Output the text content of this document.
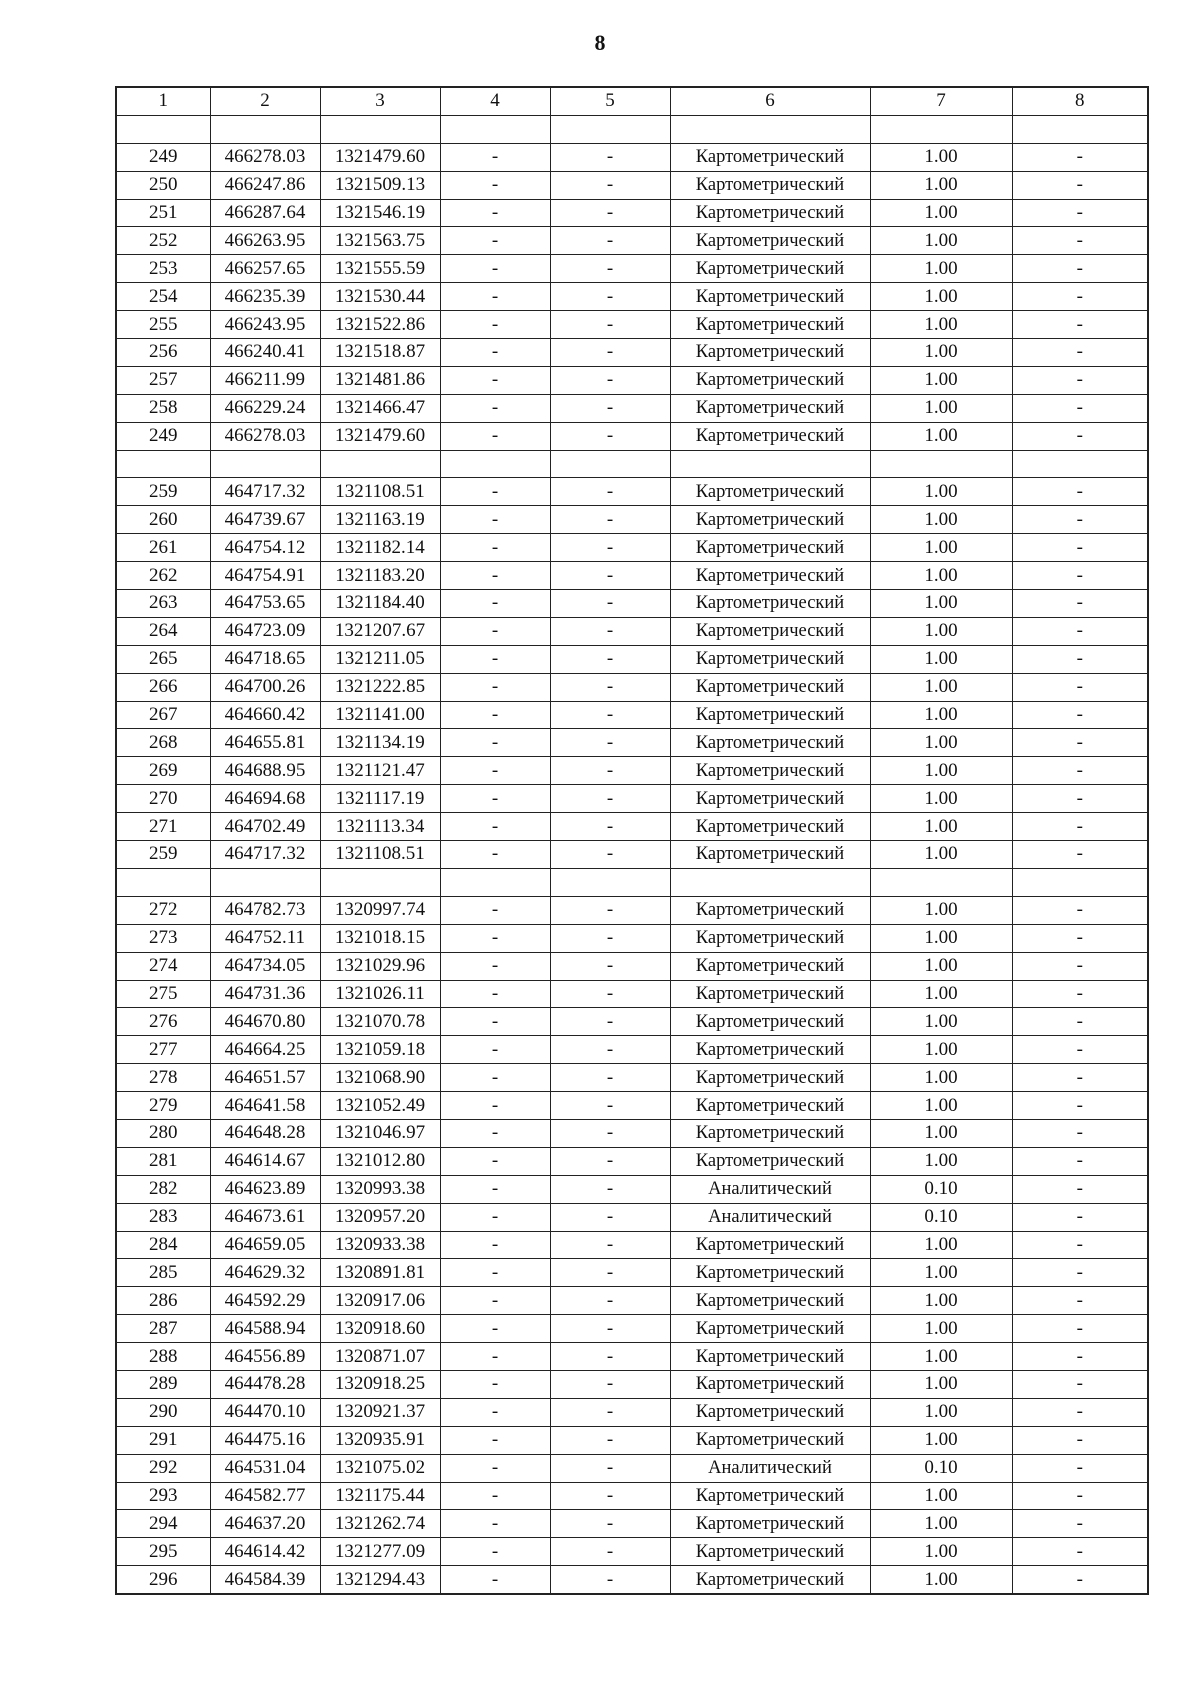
8
1	2	3	4	5	6	7	8

249	466278.03	1321479.60	-	-	Картометрический	1.00	-
250	466247.86	1321509.13	-	-	Картометрический	1.00	-
251	466287.64	1321546.19	-	-	Картометрический	1.00	-
252	466263.95	1321563.75	-	-	Картометрический	1.00	-
253	466257.65	1321555.59	-	-	Картометрический	1.00	-
254	466235.39	1321530.44	-	-	Картометрический	1.00	-
255	466243.95	1321522.86	-	-	Картометрический	1.00	-
256	466240.41	1321518.87	-	-	Картометрический	1.00	-
257	466211.99	1321481.86	-	-	Картометрический	1.00	-
258	466229.24	1321466.47	-	-	Картометрический	1.00	-
249	466278.03	1321479.60	-	-	Картометрический	1.00	-

259	464717.32	1321108.51	-	-	Картометрический	1.00	-
260	464739.67	1321163.19	-	-	Картометрический	1.00	-
261	464754.12	1321182.14	-	-	Картометрический	1.00	-
262	464754.91	1321183.20	-	-	Картометрический	1.00	-
263	464753.65	1321184.40	-	-	Картометрический	1.00	-
264	464723.09	1321207.67	-	-	Картометрический	1.00	-
265	464718.65	1321211.05	-	-	Картометрический	1.00	-
266	464700.26	1321222.85	-	-	Картометрический	1.00	-
267	464660.42	1321141.00	-	-	Картометрический	1.00	-
268	464655.81	1321134.19	-	-	Картометрический	1.00	-
269	464688.95	1321121.47	-	-	Картометрический	1.00	-
270	464694.68	1321117.19	-	-	Картометрический	1.00	-
271	464702.49	1321113.34	-	-	Картометрический	1.00	-
259	464717.32	1321108.51	-	-	Картометрический	1.00	-

272	464782.73	1320997.74	-	-	Картометрический	1.00	-
273	464752.11	1321018.15	-	-	Картометрический	1.00	-
274	464734.05	1321029.96	-	-	Картометрический	1.00	-
275	464731.36	1321026.11	-	-	Картометрический	1.00	-
276	464670.80	1321070.78	-	-	Картометрический	1.00	-
277	464664.25	1321059.18	-	-	Картометрический	1.00	-
278	464651.57	1321068.90	-	-	Картометрический	1.00	-
279	464641.58	1321052.49	-	-	Картометрический	1.00	-
280	464648.28	1321046.97	-	-	Картометрический	1.00	-
281	464614.67	1321012.80	-	-	Картометрический	1.00	-
282	464623.89	1320993.38	-	-	Аналитический	0.10	-
283	464673.61	1320957.20	-	-	Аналитический	0.10	-
284	464659.05	1320933.38	-	-	Картометрический	1.00	-
285	464629.32	1320891.81	-	-	Картометрический	1.00	-
286	464592.29	1320917.06	-	-	Картометрический	1.00	-
287	464588.94	1320918.60	-	-	Картометрический	1.00	-
288	464556.89	1320871.07	-	-	Картометрический	1.00	-
289	464478.28	1320918.25	-	-	Картометрический	1.00	-
290	464470.10	1320921.37	-	-	Картометрический	1.00	-
291	464475.16	1320935.91	-	-	Картометрический	1.00	-
292	464531.04	1321075.02	-	-	Аналитический	0.10	-
293	464582.77	1321175.44	-	-	Картометрический	1.00	-
294	464637.20	1321262.74	-	-	Картометрический	1.00	-
295	464614.42	1321277.09	-	-	Картометрический	1.00	-
296	464584.39	1321294.43	-	-	Картометрический	1.00	-
